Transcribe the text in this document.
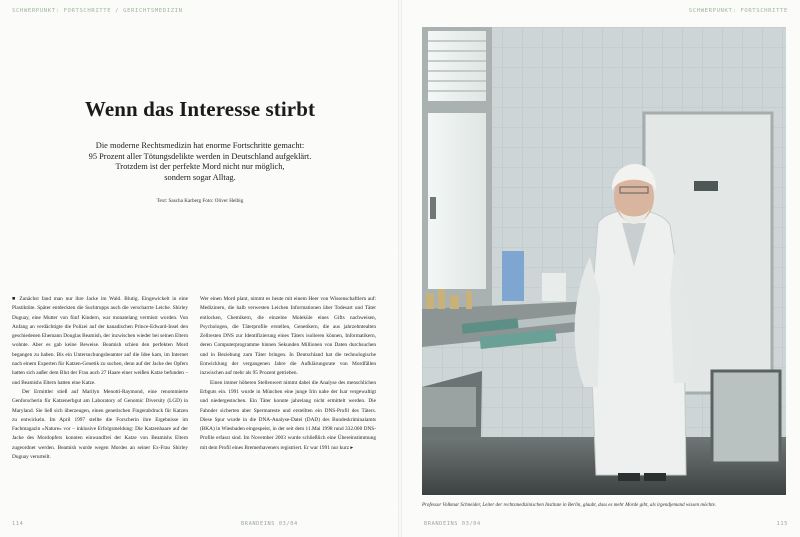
SCHWERPUNKT: FORTSCHRITTE / GERICHTSMEDIZIN
Wenn das Interesse stirbt
Die moderne Rechtsmedizin hat enorme Fortschritte gemacht:
95 Prozent aller Tötungsdelikte werden in Deutschland aufgeklärt.
Trotzdem ist der perfekte Mord nicht nur möglich,
sondern sogar Alltag.
Text: Sascha Karberg Foto: Oliver Helbig

■ Zunächst fand man nur ihre Jacke im Wald. Blutig. Eingewickelt in eine Plastiktüte. Später entdeckten die Suchtrupps auch die verscharrte Leiche. Shirley Duguay, eine Mutter von fünf Kindern, war monatelang vermisst worden. Von Anfang an verdächtigte die Polizei auf der kanadischen Prince-Edward-Insel den geschiedenen Ehemann Douglas Beamish, der inzwischen wieder bei seinen Eltern wohnte. Aber es gab keine Beweise. Beamish schien den perfekten Mord begangen zu haben. Bis ein Untersuchungsbeamter auf die Idee kam, im Internet nach einem Experten für Katzen-Genetik zu suchen, denn auf der Jacke des Opfers hatten sich außer dem Blut der Frau auch 27 Haare einer weißen Katze befunden – und Beamishs Eltern hatten eine Katze.

Der Ermittler stieß auf Marilyn Menotti-Raymond, eine renommierte Genforscherin für Katzenerbgut am Laboratory of Genomic Diversity (LGD) in Maryland. Sie ließ sich überzeugen, einen genetischen Fingerabdruck für Katzen zu entwickeln. Im April 1997 stellte die Forscherin ihre Ergebnisse im Fachmagazin »Nature« vor – inklusive Erfolgsmeldung: Die Katzenhaare auf der Jacke des Mordopfers konnten einwandfrei der Katze von Beamishs Eltern zugeordnet werden. Beamish wurde wegen Mordes an seiner Ex-Frau Shirley Duguay verurteilt.

Wer einen Mord plant, nimmt es heute mit einem Heer von Wissenschaftlern auf: Medizinern, die halb verwesten Leichen Informationen über Todesart und Täter entlocken, Chemikern, die einzelne Moleküle eines Gifts nachweisen, Psychologen, die Täterprofile erstellen, Genetikern, die aus jahrzehntealten Zellresten DNS zur Identifizierung eines Täters isolieren können, Informatikern, deren Computerprogramme binnen Sekunden Millionen von Daten durchsuchen und in Beziehung zum Täter bringen. In Deutschland hat die technologische Entwicklung der vergangenen Jahre die Aufklärungsrate von Mordfällen inzwischen auf mehr als 95 Prozent getrieben.

Einen immer höheren Stellenwert nimmt dabei die Analyse des menschlichen Erbguts ein. 1991 wurde in München eine junge Irin nahe der Isar vergewaltigt und niedergestochen. Ein Täter konnte jahrelang nicht ermittelt werden. Die Fahnder sicherten aber Spermareste und erstellten ein DNS-Profil des Täters. Diese Spur wurde in die DNA-Analyse-Datei (DAD) des Bundeskriminalamts (BKA) in Wiesbaden eingespeist, in der seit dem 11.Mai 1998 rund 332.000 DNS-Profile erfasst sind. Im November 2003 wurde schließlich eine Übereinstimmung mit dem Profil eines Bremerhaveners registriert. Er war 1991 nur kurz ▸

114	BRANDEINS 03/04
SCHWERPUNKT: FORTSCHRITTE
Professor Volkmar Schneider, Leiter der rechtsmedizinischen Institute in Berlin, glaubt, dass es mehr Morde gibt, als irgendjemand wissen möchte.
BRANDEINS 03/04	115
